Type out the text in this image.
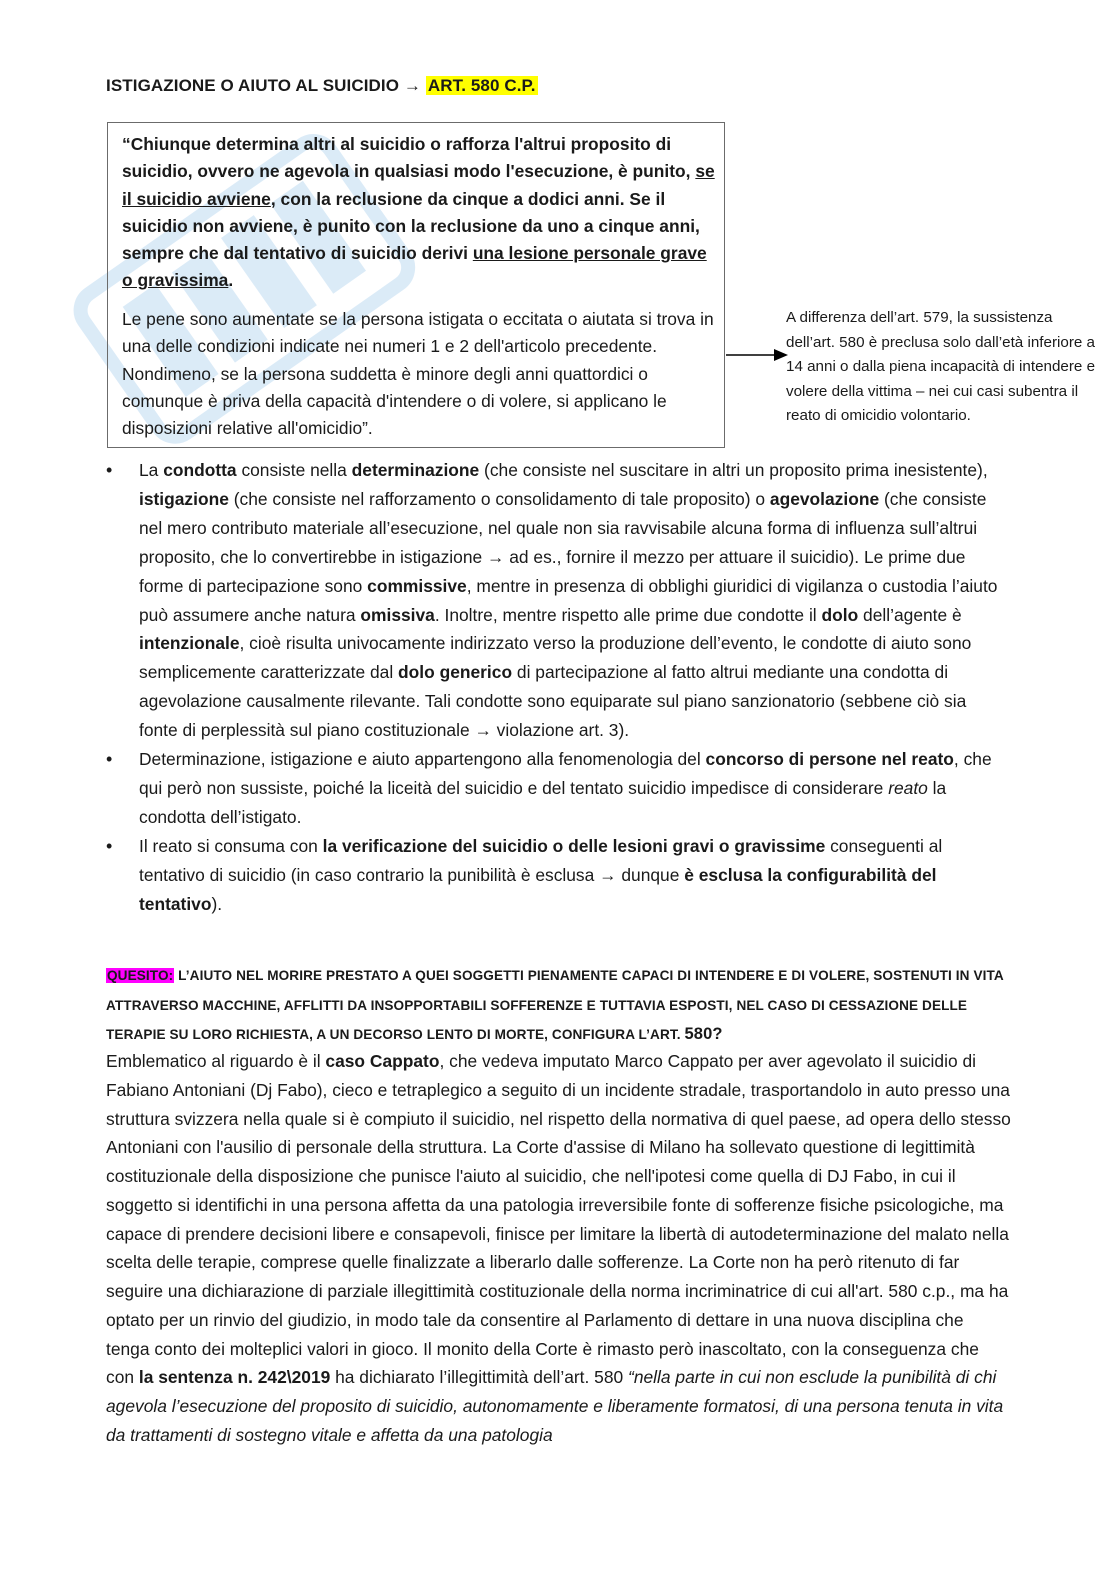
ISTIGAZIONE O AIUTO AL SUICIDIO → ART. 580 C.P.
“Chiunque determina altri al suicidio o rafforza l'altrui proposito di suicidio, ovvero ne agevola in qualsiasi modo l'esecuzione, è punito, se il suicidio avviene, con la reclusione da cinque a dodici anni. Se il suicidio non avviene, è punito con la reclusione da uno a cinque anni, sempre che dal tentativo di suicidio derivi una lesione personale grave o gravissima.
Le pene sono aumentate se la persona istigata o eccitata o aiutata si trova in una delle condizioni indicate nei numeri 1 e 2 dell'articolo precedente. Nondimeno, se la persona suddetta è minore degli anni quattordici o comunque è priva della capacità d'intendere o di volere, si applicano le disposizioni relative all'omicidio”.
A differenza dell’art. 579, la sussistenza dell’art. 580 è preclusa solo dall’età inferiore a 14 anni o dalla piena incapacità di intendere e volere della vittima – nei cui casi subentra il reato di omicidio volontario.
• La condotta consiste nella determinazione (che consiste nel suscitare in altri un proposito prima inesistente), istigazione (che consiste nel rafforzamento o consolidamento di tale proposito) o agevolazione (che consiste nel mero contributo materiale all’esecuzione, nel quale non sia ravvisabile alcuna forma di influenza sull’altrui proposito, che lo convertirebbe in istigazione → ad es., fornire il mezzo per attuare il suicidio). Le prime due forme di partecipazione sono commissive, mentre in presenza di obblighi giuridici di vigilanza o custodia l’aiuto può assumere anche natura omissiva. Inoltre, mentre rispetto alle prime due condotte il dolo dell’agente è intenzionale, cioè risulta univocamente indirizzato verso la produzione dell’evento, le condotte di aiuto sono semplicemente caratterizzate dal dolo generico di partecipazione al fatto altrui mediante una condotta di agevolazione causalmente rilevante. Tali condotte sono equiparate sul piano sanzionatorio (sebbene ciò sia fonte di perplessità sul piano costituzionale → violazione art. 3).
• Determinazione, istigazione e aiuto appartengono alla fenomenologia del concorso di persone nel reato, che qui però non sussiste, poiché la liceità del suicidio e del tentato suicidio impedisce di considerare reato la condotta dell’istigato.
• Il reato si consuma con la verificazione del suicidio o delle lesioni gravi o gravissime conseguenti al tentativo di suicidio (in caso contrario la punibilità è esclusa → dunque è esclusa la configurabilità del tentativo).
QUESITO: L’AIUTO NEL MORIRE PRESTATO A QUEI SOGGETTI PIENAMENTE CAPACI DI INTENDERE E DI VOLERE, SOSTENUTI IN VITA ATTRAVERSO MACCHINE, AFFLITTI DA INSOPPORTABILI SOFFERENZE E TUTTAVIA ESPOSTI, NEL CASO DI CESSAZIONE DELLE TERAPIE SU LORO RICHIESTA, A UN DECORSO LENTO DI MORTE, CONFIGURA L’ART. 580?
Emblematico al riguardo è il caso Cappato, che vedeva imputato Marco Cappato per aver agevolato il suicidio di Fabiano Antoniani (Dj Fabo), cieco e tetraplegico a seguito di un incidente stradale, trasportandolo in auto presso una struttura svizzera nella quale si è compiuto il suicidio, nel rispetto della normativa di quel paese, ad opera dello stesso Antoniani con l'ausilio di personale della struttura. La Corte d'assise di Milano ha sollevato questione di legittimità costituzionale della disposizione che punisce l'aiuto al suicidio, che nell'ipotesi come quella di DJ Fabo, in cui il soggetto si identifichi in una persona affetta da una patologia irreversibile fonte di sofferenze fisiche psicologiche, ma capace di prendere decisioni libere e consapevoli, finisce per limitare la libertà di autodeterminazione del malato nella scelta delle terapie, comprese quelle finalizzate a liberarlo dalle sofferenze. La Corte non ha però ritenuto di far seguire una dichiarazione di parziale illegittimità costituzionale della norma incriminatrice di cui all'art. 580 c.p., ma ha optato per un rinvio del giudizio, in modo tale da consentire al Parlamento di dettare in una nuova disciplina che tenga conto dei molteplici valori in gioco. Il monito della Corte è rimasto però inascoltato, con la conseguenza che con la sentenza n. 242\2019 ha dichiarato l’illegittimità dell’art. 580 “nella parte in cui non esclude la punibilità di chi agevola l’esecuzione del proposito di suicidio, autonomamente e liberamente formatosi, di una persona tenuta in vita da trattamenti di sostegno vitale e affetta da una patologia
